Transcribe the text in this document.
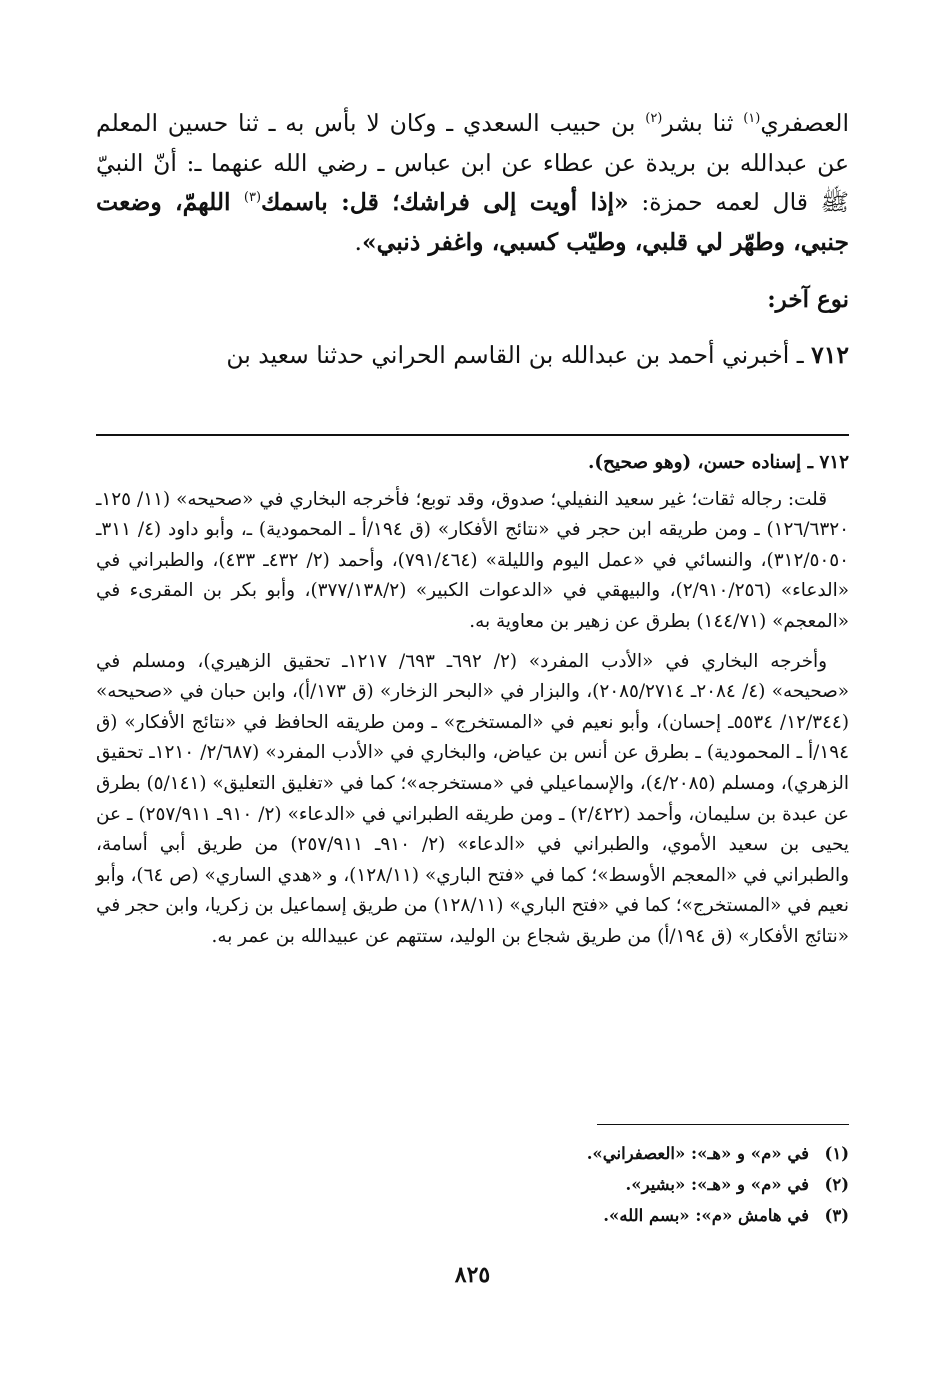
العصفري$^{(١)}$ ثنا بشر$^{(٢)}$ بن حبيب السعدي ـ وكان لا بأس به ـ ثنا حسين المعلم عن عبدالله بن بريدة عن عطاء عن ابن عباس ـ رضي الله عنهما ـ: أنّ النبيّ ﷺ قال لعمه حمزة: «إذا أويت إلى فراشك؛ قل: باسمك$^{(٣)}$ اللهمّ، وضعت جنبي، وطهّر لي قلبي، وطيّب كسبي، واغفر ذنبي».

نوع آخر:

٧١٢ ـ أخبرني أحمد بن عبدالله بن القاسم الحراني حدثنا سعيد بن

٧١٢ ـ إسناده حسن، (وهو صحيح).

قلت: رجاله ثقات؛ غير سعيد النفيلي؛ صدوق، وقد توبع؛ فأخرجه البخاري في «صحيحه» (١١/ ١٢٥ـ ١٢٦/٦٣٢٠) ـ ومن طريقه ابن حجر في «نتائج الأفكار» (ق ١٩٤/أ ـ المحمودية) ـ، وأبو داود (٤/ ٣١١ـ ٣١٢/٥٠٥٠)، والنسائي في «عمل اليوم والليلة» (٧٩١/٤٦٤)، وأحمد (٢/ ٤٣٢ـ ٤٣٣)، والطبراني في «الدعاء» (٢/٩١٠/٢٥٦)، والبيهقي في «الدعوات الكبير» (٣٧٧/١٣٨/٢)، وأبو بكر بن المقرىء في «المعجم» (١٤٤/٧١) بطرق عن زهير بن معاوية به.

وأخرجه البخاري في «الأدب المفرد» (٢/ ٦٩٢ـ ٦٩٣/ ١٢١٧ـ تحقيق الزهيري)، ومسلم في «صحيحه» (٤/ ٢٠٨٤ـ ٢٠٨٥/٢٧١٤)، والبزار في «البحر الزخار» (ق ١٧٣/أ)، وابن حبان في «صحيحه» (١٢/٣٤٤/ ٥٥٣٤ـ إحسان)، وأبو نعيم في «المستخرج» ـ ومن طريقه الحافظ في «نتائج الأفكار» (ق ١٩٤/أ ـ المحمودية) ـ بطرق عن أنس بن عياض، والبخاري في «الأدب المفرد» (٢/٦٨٧/ ١٢١٠ـ تحقيق الزهري)، ومسلم (٤/٢٠٨٥)، والإسماعيلي في «مستخرجه»؛ كما في «تغليق التعليق» (٥/١٤١) بطرق عن عبدة بن سليمان، وأحمد (٢/٤٢٢) ـ ومن طريقه الطبراني في «الدعاء» (٢/ ٩١٠ـ ٢٥٧/٩١١) ـ عن يحيى بن سعيد الأموي، والطبراني في «الدعاء» (٢/ ٩١٠ـ ٢٥٧/٩١١) من طريق أبي أسامة، والطبراني في «المعجم الأوسط»؛ كما في «فتح الباري» (١٢٨/١١)، و «هدي الساري» (ص ٦٤)، وأبو نعيم في «المستخرج»؛ كما في «فتح الباري» (١٢٨/١١) من طريق إسماعيل بن زكريا، وابن حجر في «نتائج الأفكار» (ق ١٩٤/أ) من طريق شجاع بن الوليد، ستتهم عن عبيدالله بن عمر به.

(١)في «م» و «هـ»: «العصفراني».

(٢)في «م» و «هـ»: «بشير».

(٣)في هامش «م»: «بسم الله».

٨٢٥
